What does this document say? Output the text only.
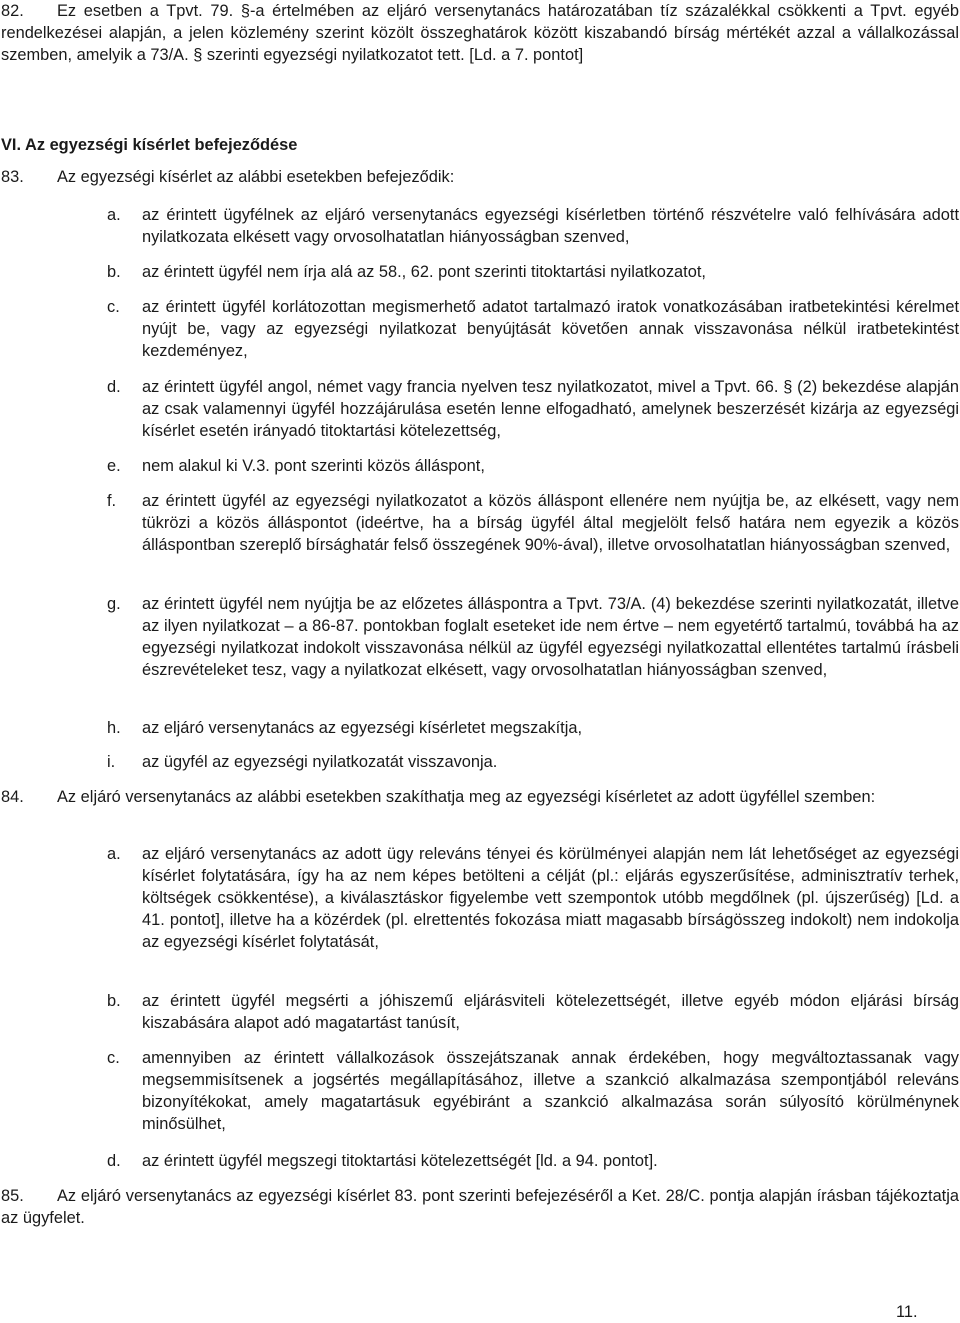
82.	Ez esetben a Tpvt. 79. §-a értelmében az eljáró versenytanács határozatában tíz százalékkal csökkenti a Tpvt. egyéb rendelkezései alapján, a jelen közlemény szerint közölt összeghatárok között kiszabandó bírság mértékét azzal a vállalkozással szemben, amelyik a 73/A. § szerinti egyezségi nyilatkozatot tett. [Ld. a 7. pontot]

VI. Az egyezségi kísérlet befejeződése

83.	Az egyezségi kísérlet az alábbi esetekben befejeződik:

a. az érintett ügyfélnek az eljáró versenytanács egyezségi kísérletben történő részvételre való felhívására adott nyilatkozata elkésett vagy orvosolhatatlan hiányosságban szenved,

b. az érintett ügyfél nem írja alá az 58., 62. pont szerinti titoktartási nyilatkozatot,

c. az érintett ügyfél korlátozottan megismerhető adatot tartalmazó iratok vonatkozásában iratbetekintési kérelmet nyújt be, vagy az egyezségi nyilatkozat benyújtását követően annak visszavonása nélkül iratbetekintést kezdeményez,

d. az érintett ügyfél angol, német vagy francia nyelven tesz nyilatkozatot, mivel a Tpvt. 66. § (2) bekezdése alapján az csak valamennyi ügyfél hozzájárulása esetén lenne elfogadható, amelynek beszerzését kizárja az egyezségi kísérlet esetén irányadó titoktartási kötelezettség,

e. nem alakul ki V.3. pont szerinti közös álláspont,

f. az érintett ügyfél az egyezségi nyilatkozatot a közös álláspont ellenére nem nyújtja be, az elkésett, vagy nem tükrözi a közös álláspontot (ideértve, ha a bírság ügyfél által megjelölt felső határa nem egyezik a közös álláspontban szereplő bírsághatár felső összegének 90%-ával), illetve orvosolhatatlan hiányosságban szenved,

g. az érintett ügyfél nem nyújtja be az előzetes álláspontra a Tpvt. 73/A. (4) bekezdése szerinti nyilatkozatát, illetve az ilyen nyilatkozat – a 86-87. pontokban foglalt eseteket ide nem értve – nem egyetértő tartalmú, továbbá ha az egyezségi nyilatkozat indokolt visszavonása nélkül az ügyfél egyezségi nyilatkozattal ellentétes tartalmú írásbeli észrevételeket tesz, vagy a nyilatkozat elkésett, vagy orvosolhatatlan hiányosságban szenved,

h. az eljáró versenytanács az egyezségi kísérletet megszakítja,

i. az ügyfél az egyezségi nyilatkozatát visszavonja.

84.	Az eljáró versenytanács az alábbi esetekben szakíthatja meg az egyezségi kísérletet az adott ügyféllel szemben:

a. az eljáró versenytanács az adott ügy releváns tényei és körülményei alapján nem lát lehetőséget az egyezségi kísérlet folytatására, így ha az nem képes betölteni a célját (pl.: eljárás egyszerűsítése, adminisztratív terhek, költségek csökkentése), a kiválasztáskor figyelembe vett szempontok utóbb megdőlnek (pl. újszerűség) [Ld. a 41. pontot], illetve ha a közérdek (pl. elrettentés fokozása miatt magasabb bírságösszeg indokolt) nem indokolja az egyezségi kísérlet folytatását,

b. az érintett ügyfél megsérti a jóhiszemű eljárásviteli kötelezettségét, illetve egyéb módon eljárási bírság kiszabására alapot adó magatartást tanúsít,

c. amennyiben az érintett vállalkozások összejátszanak annak érdekében, hogy megváltoztassanak vagy megsemmisítsenek a jogsértés megállapításához, illetve a szankció alkalmazása szempontjából releváns bizonyítékokat, amely magatartásuk egyébiránt a szankció alkalmazása során súlyosító körülménynek minősülhet,

d. az érintett ügyfél megszegi titoktartási kötelezettségét [ld. a 94. pontot].

85.	Az eljáró versenytanács az egyezségi kísérlet 83. pont szerinti befejezéséről a Ket. 28/C. pontja alapján írásban tájékoztatja az ügyfelet.

11.
